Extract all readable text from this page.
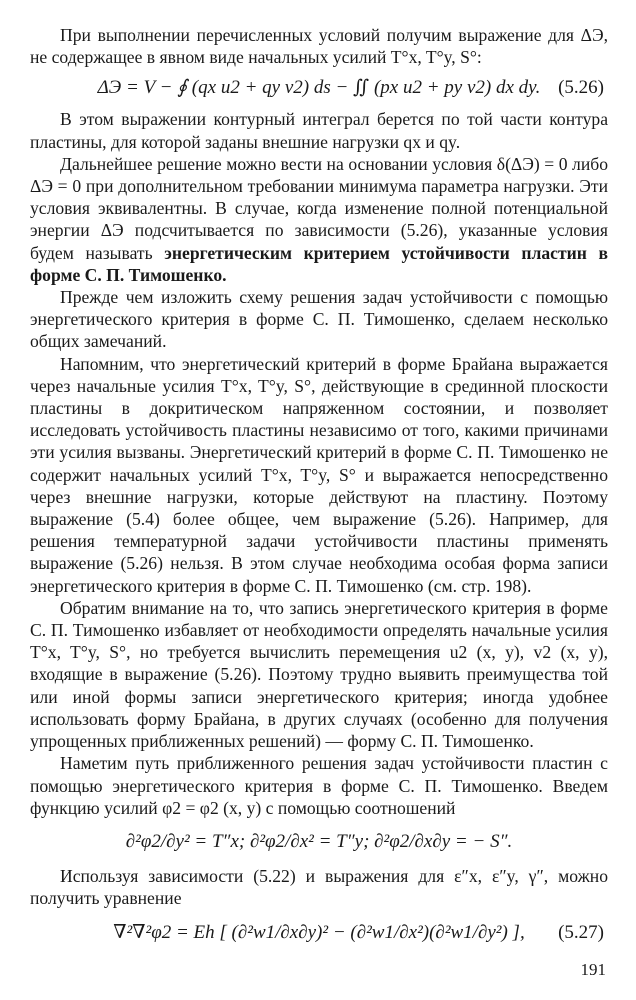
При выполнении перечисленных условий получим выражение для ΔЭ, не содержащее в явном виде начальных усилий T°x, T°y, S°:

ΔЭ = V − ∮ (qx u2 + qy v2) ds − ∬ (px u2 + py v2) dx dy. (5.26)

В этом выражении контурный интеграл берется по той части контура пластины, для которой заданы внешние нагрузки qx и qy.

Дальнейшее решение можно вести на основании условия δ(ΔЭ) = 0 либо ΔЭ = 0 при дополнительном требовании минимума параметра нагрузки. Эти условия эквивалентны. В случае, когда изменение полной потенциальной энергии ΔЭ подсчитывается по зависимости (5.26), указанные условия будем называть энергетическим критерием устойчивости пластин в форме С. П. Тимошенко.

Прежде чем изложить схему решения задач устойчивости с помощью энергетического критерия в форме С. П. Тимошенко, сделаем несколько общих замечаний.

Напомним, что энергетический критерий в форме Брайана выражается через начальные усилия T°x, T°y, S°, действующие в срединной плоскости пластины в докритическом напряженном состоянии, и позволяет исследовать устойчивость пластины независимо от того, какими причинами эти усилия вызваны. Энергетический критерий в форме С. П. Тимошенко не содержит начальных усилий T°x, T°y, S° и выражается непосредственно через внешние нагрузки, которые действуют на пластину. Поэтому выражение (5.4) более общее, чем выражение (5.26). Например, для решения температурной задачи устойчивости пластины применять выражение (5.26) нельзя. В этом случае необходима особая форма записи энергетического критерия в форме С. П. Тимошенко (см. стр. 198).

Обратим внимание на то, что запись энергетического критерия в форме С. П. Тимошенко избавляет от необходимости определять начальные усилия T°x, T°y, S°, но требуется вычислить перемещения u2 (x, y), v2 (x, y), входящие в выражение (5.26). Поэтому трудно выявить преимущества той или иной формы записи энергетического критерия; иногда удобнее использовать форму Брайана, в других случаях (особенно для получения упрощенных приближенных решений) — форму С. П. Тимошенко.

Наметим путь приближенного решения задач устойчивости пластин с помощью энергетического критерия в форме С. П. Тимошенко. Введем функцию усилий φ2 = φ2 (x, y) с помощью соотношений

∂²φ2/∂y² = T″x; ∂²φ2/∂x² = T″y; ∂²φ2/∂x∂y = − S″.

Используя зависимости (5.22) и выражения для ε″x, ε″y, γ″, можно получить уравнение

∇²∇²φ2 = Eh [ (∂²w1/∂x∂y)² − (∂²w1/∂x²)(∂²w1/∂y²) ], (5.27)
191
